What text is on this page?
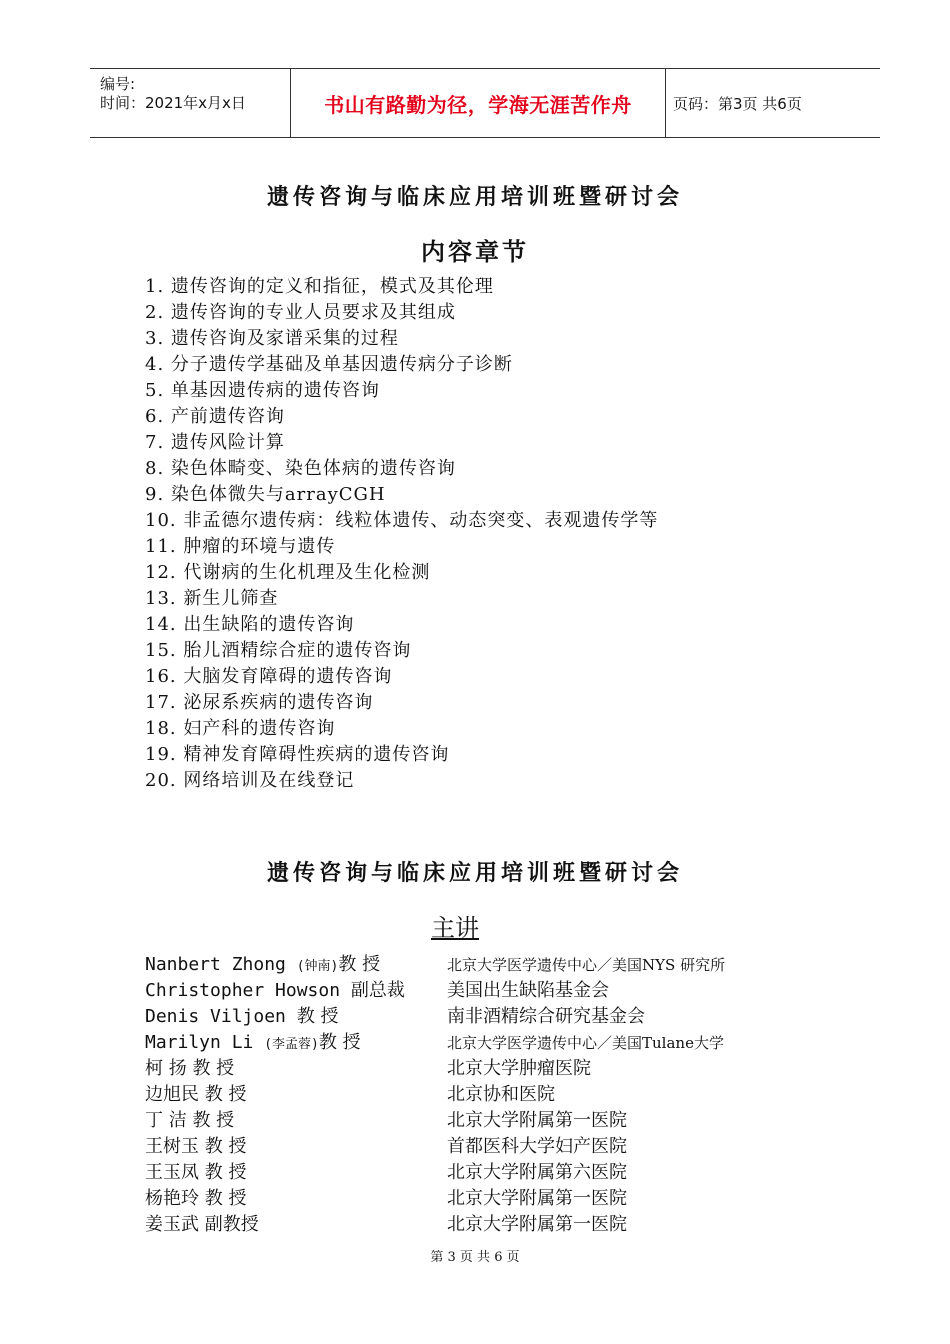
编号:
时间：2021年x月x日	书山有路勤为径，学海无涯苦作舟	页码：第3页 共6页
遗传咨询与临床应用培训班暨研讨会
内容章节
1. 遗传咨询的定义和指征，模式及其伦理
2. 遗传咨询的专业人员要求及其组成
3. 遗传咨询及家谱采集的过程
4. 分子遗传学基础及单基因遗传病分子诊断
5. 单基因遗传病的遗传咨询
6. 产前遗传咨询
7. 遗传风险计算
8. 染色体畸变、染色体病的遗传咨询
9. 染色体微失与arrayCGH
10. 非孟德尔遗传病：线粒体遗传、动态突变、表观遗传学等
11. 肿瘤的环境与遗传
12. 代谢病的生化机理及生化检测
13. 新生儿筛查
14. 出生缺陷的遗传咨询
15. 胎儿酒精综合症的遗传咨询
16. 大脑发育障碍的遗传咨询
17. 泌尿系疾病的遗传咨询
18. 妇产科的遗传咨询
19. 精神发育障碍性疾病的遗传咨询
20. 网络培训及在线登记
遗传咨询与临床应用培训班暨研讨会
主讲
Nanbert Zhong (钟南)教 授	北京大学医学遗传中心／美国NYS 研究所
Christopher Howson 副总裁 美国出生缺陷基金会
Denis Viljoen 教 授	南非酒精综合研究基金会
Marilyn Li (李孟蓉)教 授	北京大学医学遗传中心／美国Tulane大学
柯 扬 教 授	北京大学肿瘤医院
边旭民 教 授	北京协和医院
丁 洁 教 授	北京大学附属第一医院
王树玉 教 授	首都医科大学妇产医院
王玉凤 教 授	北京大学附属第六医院
杨艳玲 教 授	北京大学附属第一医院
姜玉武 副教授	北京大学附属第一医院
第 3 页 共 6 页
